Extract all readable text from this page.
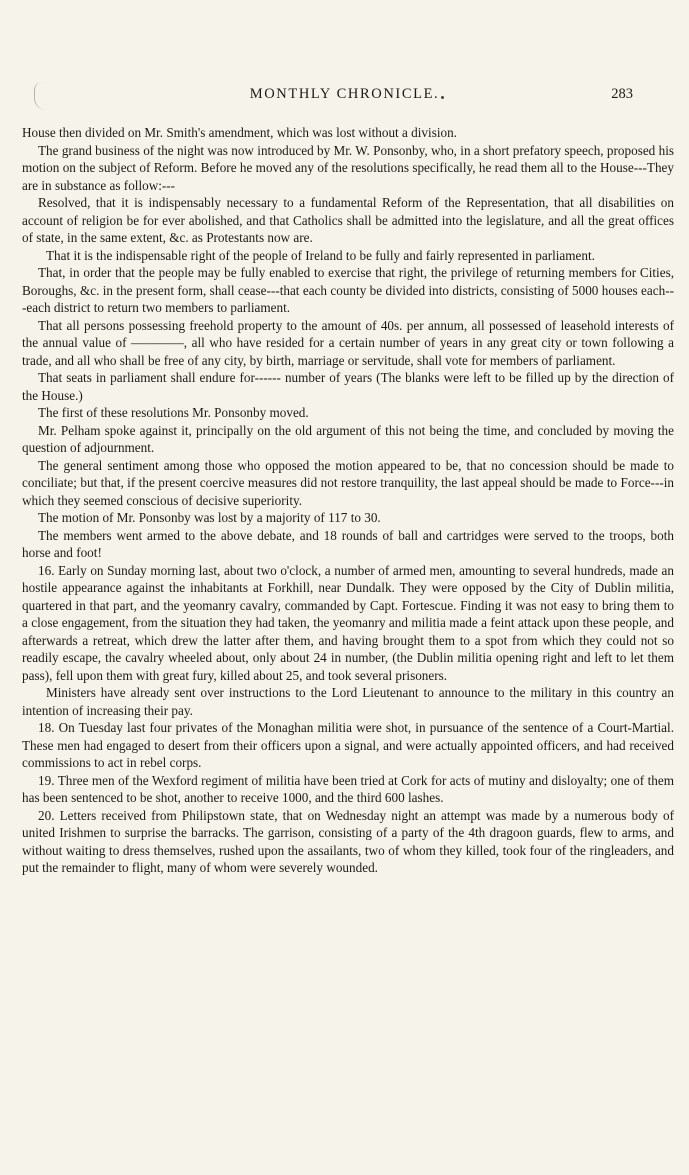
MONTHLY CHRONICLE.	283

House then divided on Mr. Smith's amendment, which was lost without a division.

The grand business of the night was now introduced by Mr. W. Ponsonby, who, in a short prefatory speech, proposed his motion on the subject of Reform. Before he moved any of the resolutions specifically, he read them all to the House---They are in substance as follow:---

Resolved, that it is indispensably necessary to a fundamental Reform of the Representation, that all disabilities on account of religion be for ever abolished, and that Catholics shall be admitted into the legislature, and all the great offices of state, in the same extent, &c. as Protestants now are.

That it is the indispensable right of the people of Ireland to be fully and fairly represented in parliament.

That, in order that the people may be fully enabled to exercise that right, the privilege of returning members for Cities, Boroughs, &c. in the present form, shall cease---that each county be divided into districts, consisting of 5000 houses each---each district to return two members to parliament.

That all persons possessing freehold property to the amount of 40s. per annum, all possessed of leasehold interests of the annual value of ————, all who have resided for a certain number of years in any great city or town following a trade, and all who shall be free of any city, by birth, marriage or servitude, shall vote for members of parliament.

That seats in parliament shall endure for------ number of years (The blanks were left to be filled up by the direction of the House.)

The first of these resolutions Mr. Ponsonby moved.

Mr. Pelham spoke against it, principally on the old argument of this not being the time, and concluded by moving the question of adjournment.

The general sentiment among those who opposed the motion appeared to be, that no concession should be made to conciliate; but that, if the present coercive measures did not restore tranquility, the last appeal should be made to Force---in which they seemed conscious of decisive superiority.

The motion of Mr. Ponsonby was lost by a majority of 117 to 30.

The members went armed to the above debate, and 18 rounds of ball and cartridges were served to the troops, both horse and foot!

16. Early on Sunday morning last, about two o'clock, a number of armed men, amounting to several hundreds, made an hostile appearance against the inhabitants at Forkhill, near Dundalk. They were opposed by the City of Dublin militia, quartered in that part, and the yeomanry cavalry, commanded by Capt. Fortescue. Finding it was not easy to bring them to a close engagement, from the situation they had taken, the yeomanry and militia made a feint attack upon these people, and afterwards a retreat, which drew the latter after them, and having brought them to a spot from which they could not so readily escape, the cavalry wheeled about, only about 24 in number, (the Dublin militia opening right and left to let them pass), fell upon them with great fury, killed about 25, and took several prisoners.

Ministers have already sent over instructions to the Lord Lieutenant to announce to the military in this country an intention of increasing their pay.

18. On Tuesday last four privates of the Monaghan militia were shot, in pursuance of the sentence of a Court-Martial. These men had engaged to desert from their officers upon a signal, and were actually appointed officers, and had received commissions to act in rebel corps.

19. Three men of the Wexford regiment of militia have been tried at Cork for acts of mutiny and disloyalty; one of them has been sentenced to be shot, another to receive 1000, and the third 600 lashes.

20. Letters received from Philipstown state, that on Wednesday night an attempt was made by a numerous body of united Irishmen to surprise the barracks. The garrison, consisting of a party of the 4th dragoon guards, flew to arms, and without waiting to dress themselves, rushed upon the assailants, two of whom they killed, took four of the ringleaders, and put the remainder to flight, many of whom were severely wounded.
